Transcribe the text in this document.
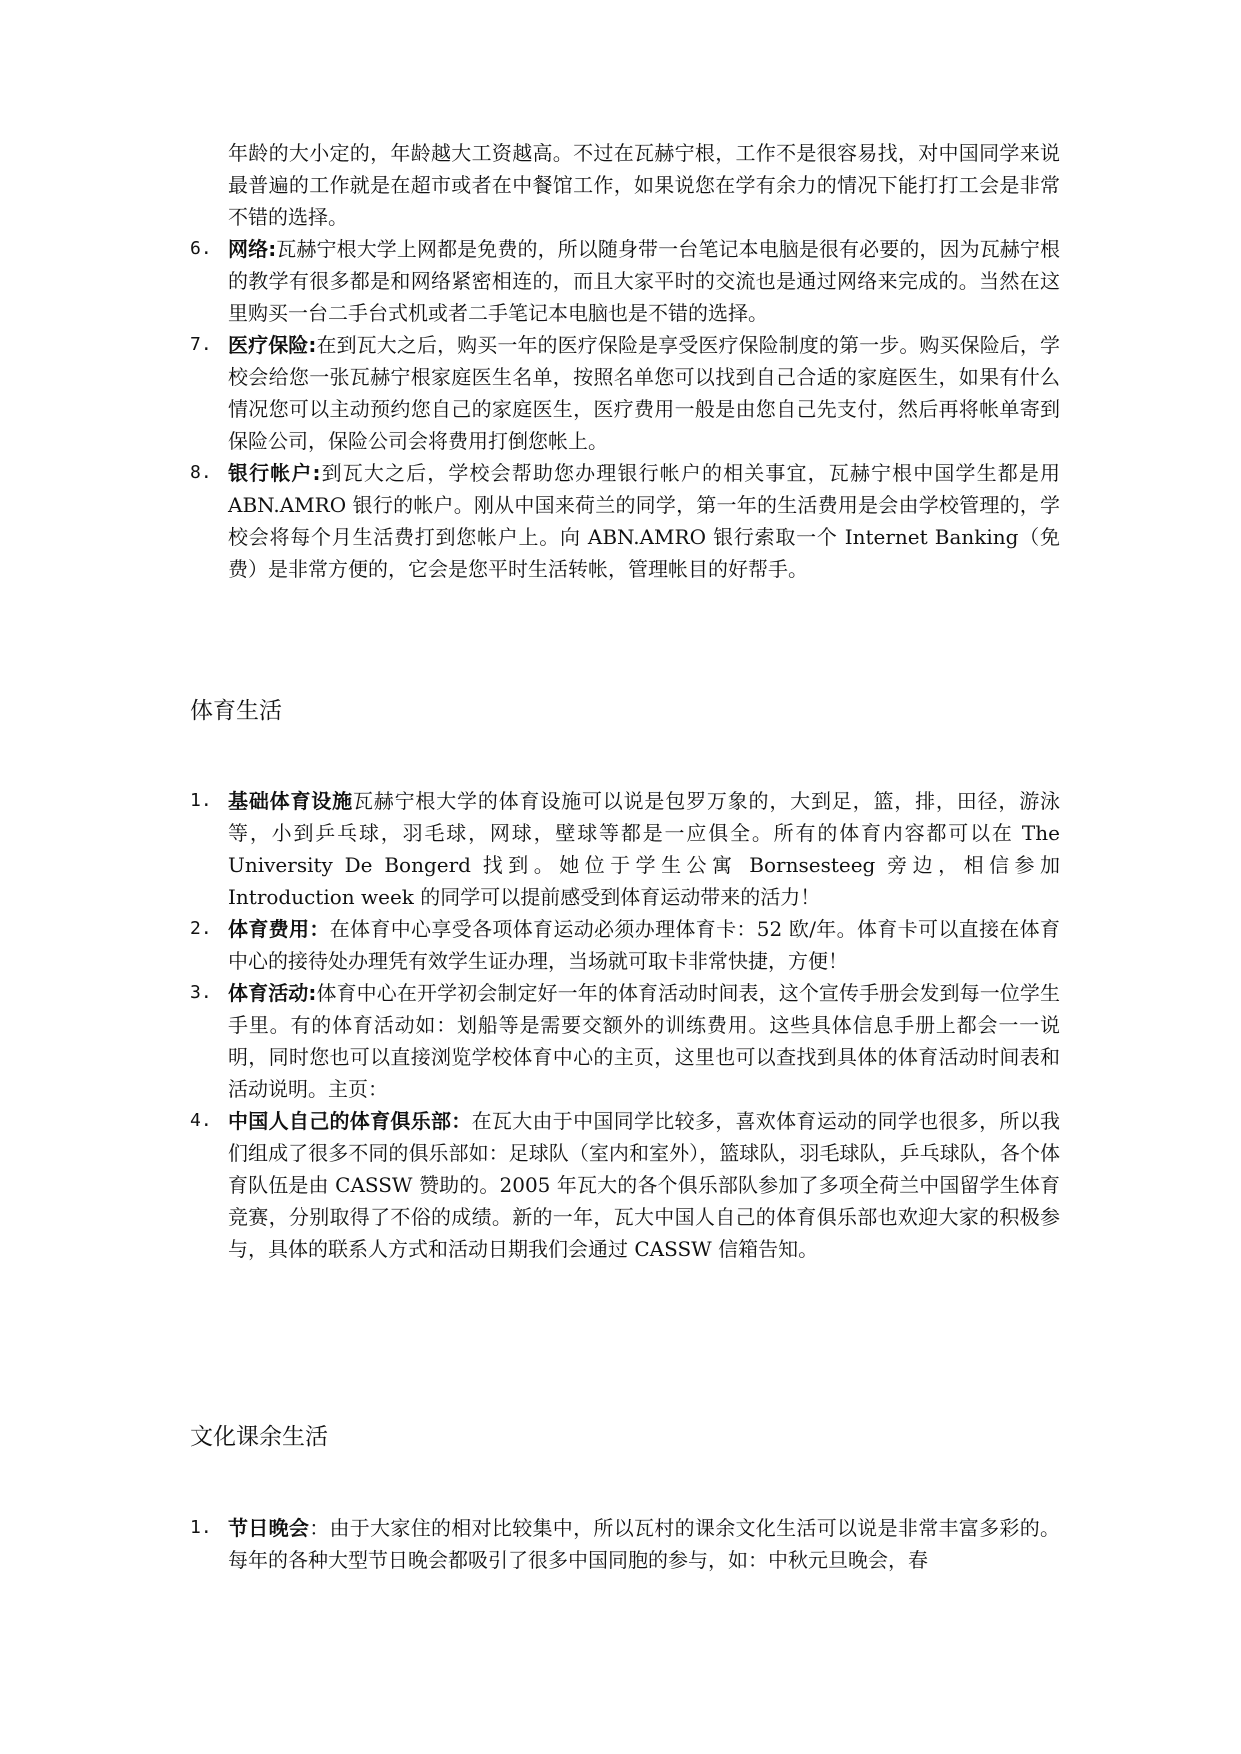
年龄的大小定的，年龄越大工资越高。不过在瓦赫宁根，工作不是很容易找，对中国同学来说最普遍的工作就是在超市或者在中餐馆工作，如果说您在学有余力的情况下能打打工会是非常不错的选择。

6. 网络:瓦赫宁根大学上网都是免费的，所以随身带一台笔记本电脑是很有必要的，因为瓦赫宁根的教学有很多都是和网络紧密相连的，而且大家平时的交流也是通过网络来完成的。当然在这里购买一台二手台式机或者二手笔记本电脑也是不错的选择。

7. 医疗保险:在到瓦大之后，购买一年的医疗保险是享受医疗保险制度的第一步。购买保险后，学校会给您一张瓦赫宁根家庭医生名单，按照名单您可以找到自己合适的家庭医生，如果有什么情况您可以主动预约您自己的家庭医生，医疗费用一般是由您自己先支付，然后再将帐单寄到保险公司，保险公司会将费用打倒您帐上。

8. 银行帐户:到瓦大之后，学校会帮助您办理银行帐户的相关事宜，瓦赫宁根中国学生都是用 ABN.AMRO 银行的帐户。刚从中国来荷兰的同学，第一年的生活费用是会由学校管理的，学校会将每个月生活费打到您帐户上。向 ABN.AMRO 银行索取一个 Internet Banking（免费）是非常方便的，它会是您平时生活转帐，管理帐目的好帮手。

体育生活

1. 基础体育设施瓦赫宁根大学的体育设施可以说是包罗万象的，大到足，篮，排，田径，游泳等，小到乒乓球，羽毛球，网球，壁球等都是一应俱全。所有的体育内容都可以在 The University De Bongerd 找到。她位于学生公寓 Bornsesteeg 旁边，相信参加 Introduction week 的同学可以提前感受到体育运动带来的活力！

2. 体育费用：在体育中心享受各项体育运动必须办理体育卡：52 欧/年。体育卡可以直接在体育中心的接待处办理凭有效学生证办理，当场就可取卡非常快捷，方便！

3. 体育活动:体育中心在开学初会制定好一年的体育活动时间表，这个宣传手册会发到每一位学生手里。有的体育活动如：划船等是需要交额外的训练费用。这些具体信息手册上都会一一说明，同时您也可以直接浏览学校体育中心的主页，这里也可以查找到具体的体育活动时间表和活动说明。主页：

4. 中国人自己的体育俱乐部：在瓦大由于中国同学比较多，喜欢体育运动的同学也很多，所以我们组成了很多不同的俱乐部如：足球队（室内和室外），篮球队，羽毛球队，乒乓球队，各个体育队伍是由 CASSW 赞助的。2005 年瓦大的各个俱乐部队参加了多项全荷兰中国留学生体育竞赛，分别取得了不俗的成绩。新的一年，瓦大中国人自己的体育俱乐部也欢迎大家的积极参与，具体的联系人方式和活动日期我们会通过 CASSW 信箱告知。

文化课余生活

1. 节日晚会：由于大家住的相对比较集中，所以瓦村的课余文化生活可以说是非常丰富多彩的。每年的各种大型节日晚会都吸引了很多中国同胞的参与，如：中秋元旦晚会，春
